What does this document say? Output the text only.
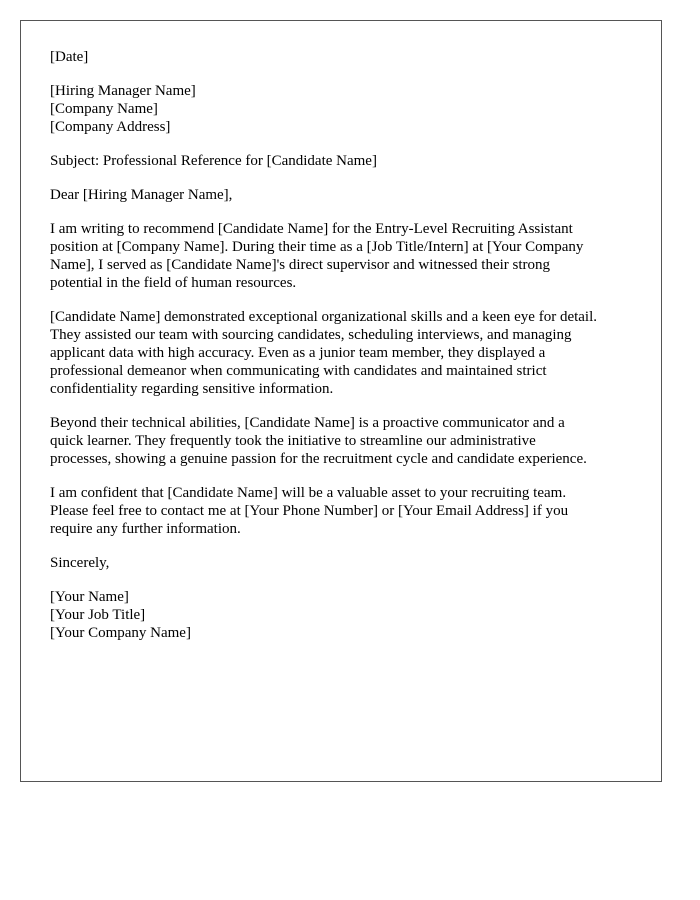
[Date]
[Hiring Manager Name]
[Company Name]
[Company Address]
Subject: Professional Reference for [Candidate Name]
Dear [Hiring Manager Name],

I am writing to recommend [Candidate Name] for the Entry-Level Recruiting Assistant
position at [Company Name]. During their time as a [Job Title/Intern] at [Your Company
Name], I served as [Candidate Name]'s direct supervisor and witnessed their strong
potential in the field of human resources.

[Candidate Name] demonstrated exceptional organizational skills and a keen eye for detail.
They assisted our team with sourcing candidates, scheduling interviews, and managing
applicant data with high accuracy. Even as a junior team member, they displayed a
professional demeanor when communicating with candidates and maintained strict
confidentiality regarding sensitive information.

Beyond their technical abilities, [Candidate Name] is a proactive communicator and a
quick learner. They frequently took the initiative to streamline our administrative
processes, showing a genuine passion for the recruitment cycle and candidate experience.

I am confident that [Candidate Name] will be a valuable asset to your recruiting team.
Please feel free to contact me at [Your Phone Number] or [Your Email Address] if you
require any further information.

Sincerely,
[Your Name]
[Your Job Title]
[Your Company Name]
